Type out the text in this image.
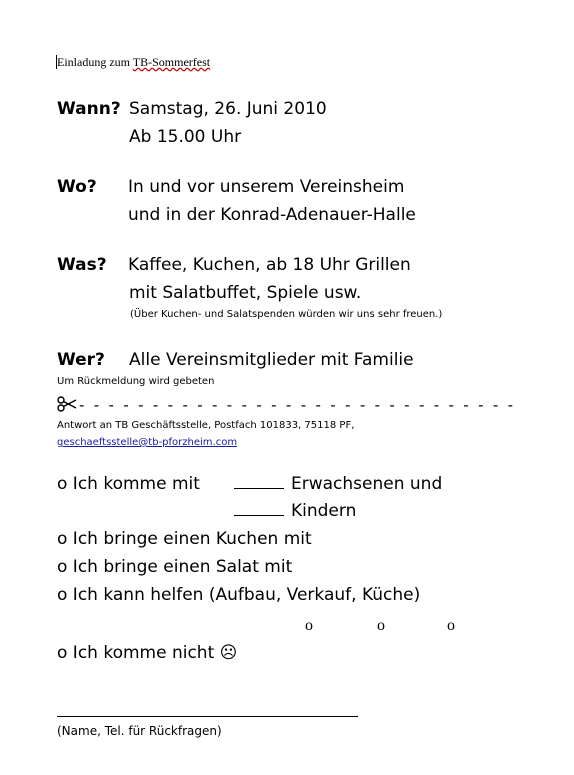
Einladung zum TB-Sommerfest
Wann? Samstag, 26. Juni 2010
Ab 15.00 Uhr
Wo? In und vor unserem Vereinsheim
und in der Konrad-Adenauer-Halle
Was? Kaffee, Kuchen, ab 18 Uhr Grillen
mit Salatbuffet, Spiele usw.
(Über Kuchen- und Salatspenden würden wir uns sehr freuen.)
Wer? Alle Vereinsmitglieder mit Familie
Um Rückmeldung wird gebeten
- - - - - - - - - - - - - - - - - - - - - - - - - - - - - -
Antwort an TB Geschäftsstelle, Postfach 101833, 75118 PF,
geschaeftsstelle@tb-pforzheim.com
o Ich komme mit	Erwachsenen und
Kindern
o Ich bringe einen Kuchen mit
o Ich bringe einen Salat mit
o Ich kann helfen (Aufbau, Verkauf, Küche)
o	o	o
o Ich komme nicht ☹
(Name, Tel. für Rückfragen)
